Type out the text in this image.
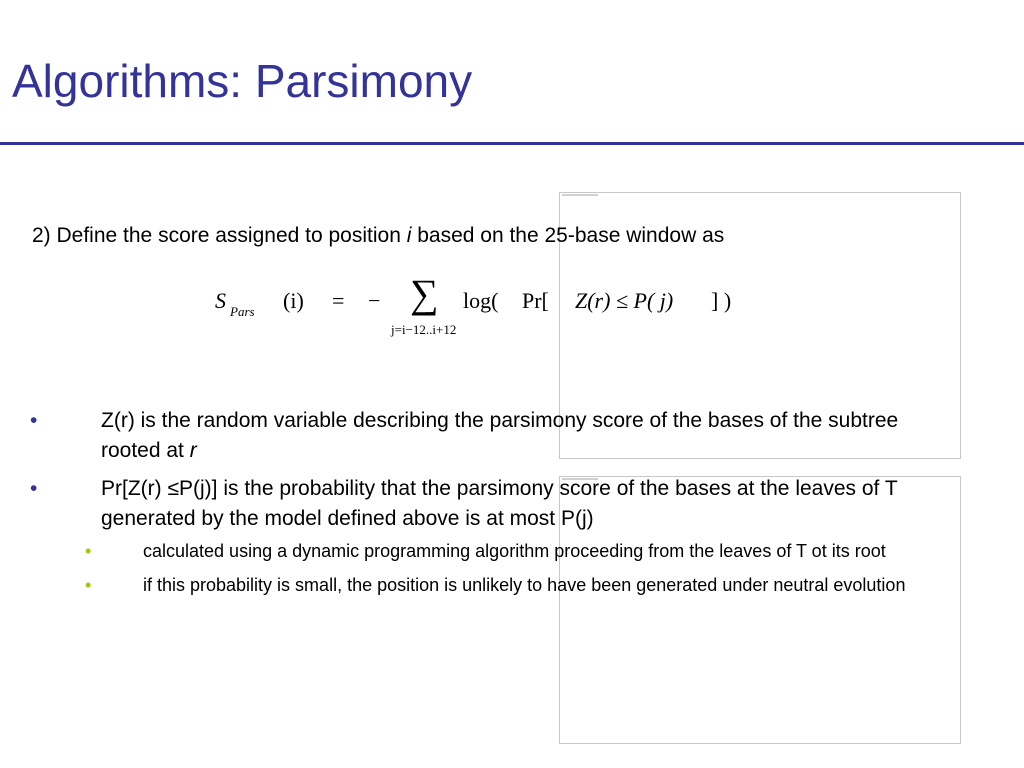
Algorithms: Parsimony
2) Define the score assigned to position i based on the 25-base window as
S Pars (i) = − ∑
j=i−12..i+12
log( Pr[ Z(r) ≤ P( j) ] )
•	Z(r) is the random variable describing the parsimony score of the bases of the subtree rooted at r
•	Pr[Z(r) ≤P(j)] is the probability that the parsimony score of the bases at the leaves of T generated by the model defined above is at most P(j)
•	calculated using a dynamic programming algorithm proceeding from the leaves of T ot its root
•	if this probability is small, the position is unlikely to have been generated under neutral evolution
